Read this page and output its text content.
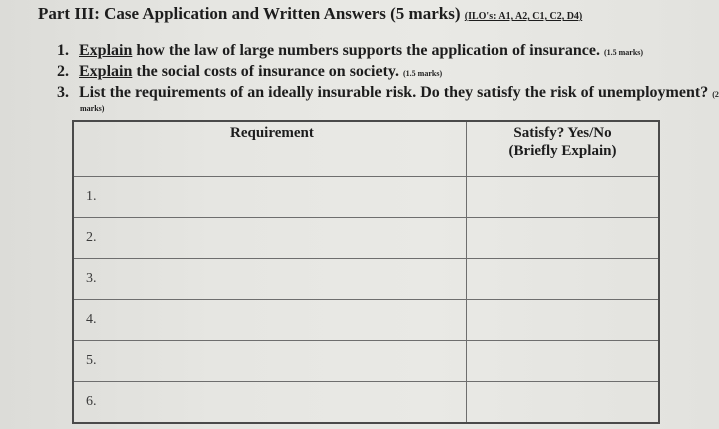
Part III: Case Application and Written Answers (5 marks) (ILO's: A1, A2, C1, C2, D4)
1. Explain how the law of large numbers supports the application of insurance. (1.5 marks)
2. Explain the social costs of insurance on society. (1.5 marks)
3. List the requirements of an ideally insurable risk. Do they satisfy the risk of unemployment? (2
marks)
Requirement	Satisfy? Yes/No
(Briefly Explain)

1.	
2.	
3.	
4.	
5.	
6.	
